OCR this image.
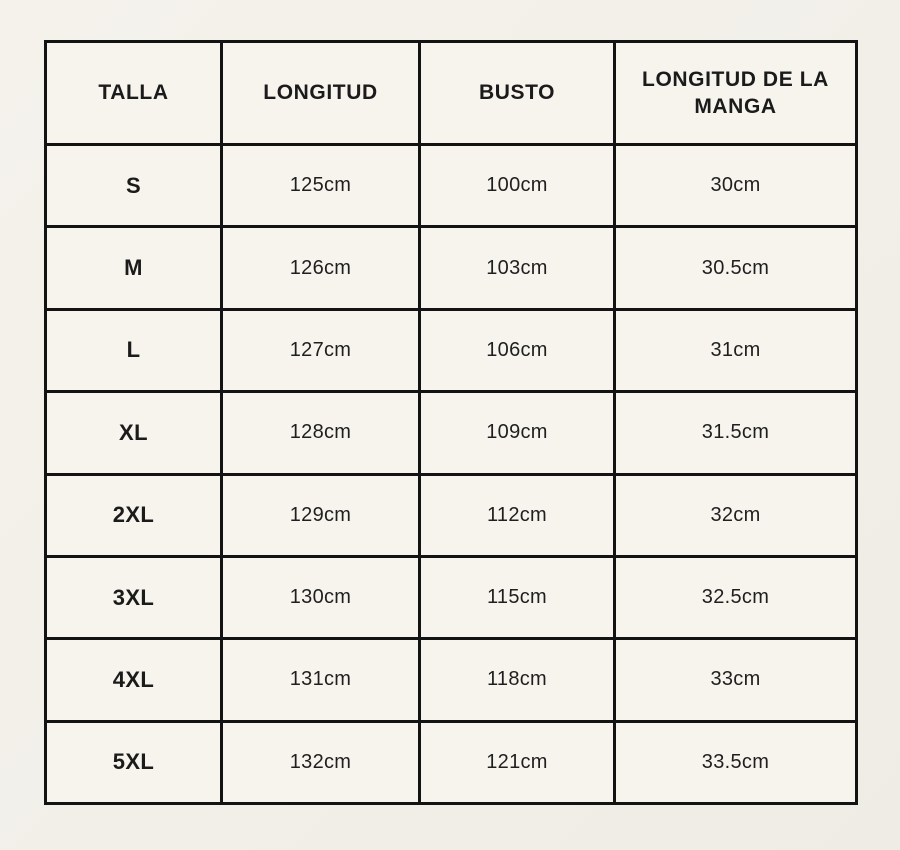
TALLA	LONGITUD	BUSTO	LONGITUD DE LA MANGA
S	125cm	100cm	30cm
M	126cm	103cm	30.5cm
L	127cm	106cm	31cm
XL	128cm	109cm	31.5cm
2XL	129cm	112cm	32cm
3XL	130cm	115cm	32.5cm
4XL	131cm	118cm	33cm
5XL	132cm	121cm	33.5cm
